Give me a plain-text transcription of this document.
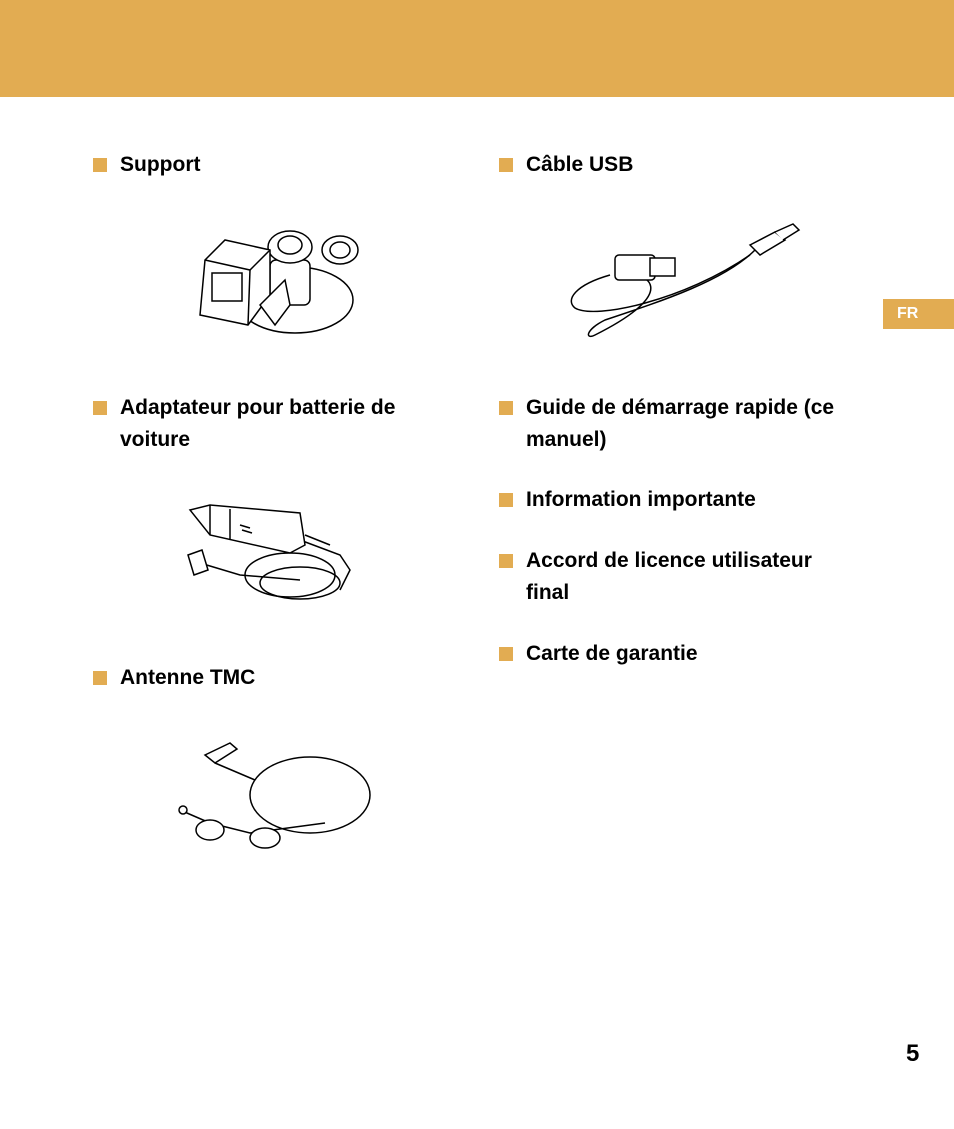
FR
Support
Adaptateur pour batterie de voiture
Antenne TMC
Câble USB
Guide de démarrage rapide (ce manuel)
Information importante
Accord de licence utilisateur final
Carte de garantie
5
